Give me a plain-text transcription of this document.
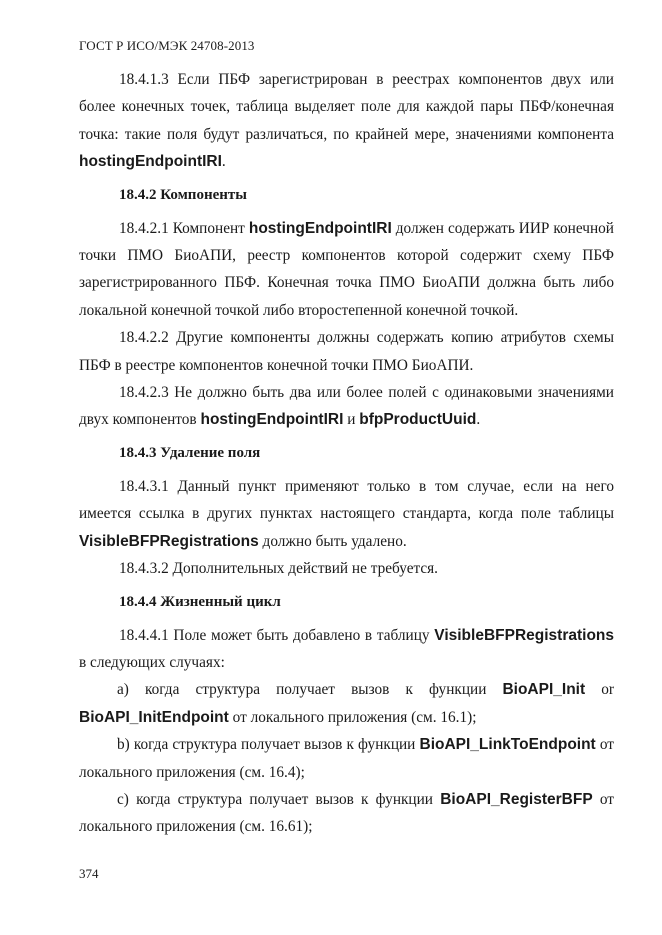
ГОСТ Р ИСО/МЭК 24708-2013

18.4.1.3 Если ПБФ зарегистрирован в реестрах компонентов двух или более конечных точек, таблица выделяет поле для каждой пары ПБФ/конечная точка: такие поля будут различаться, по крайней мере, значениями компонента hostingEndpointIRI.

18.4.2 Компоненты

18.4.2.1 Компонент hostingEndpointIRI должен содержать ИИР конечной точки ПМО БиоАПИ, реестр компонентов которой содержит схему ПБФ зарегистрированного ПБФ. Конечная точка ПМО БиоАПИ должна быть либо локальной конечной точкой либо второстепенной конечной точкой.

18.4.2.2 Другие компоненты должны содержать копию атрибутов схемы ПБФ в реестре компонентов конечной точки ПМО БиоАПИ.

18.4.2.3 Не должно быть два или более полей с одинаковыми значениями двух компонентов hostingEndpointIRI и bfpProductUuid.

18.4.3 Удаление поля

18.4.3.1 Данный пункт применяют только в том случае, если на него имеется ссылка в других пунктах настоящего стандарта, когда поле таблицы VisibleBFPRegistrations должно быть удалено.

18.4.3.2 Дополнительных действий не требуется.

18.4.4 Жизненный цикл

18.4.4.1 Поле может быть добавлено в таблицу VisibleBFPRegistrations в следующих случаях:

а) когда структура получает вызов к функции BioAPI_Init or BioAPI_InitEndpoint от локального приложения (см. 16.1);

b) когда структура получает вызов к функции BioAPI_LinkToEndpoint от локального приложения (см. 16.4);

с) когда структура получает вызов к функции BioAPI_RegisterBFP от локального приложения (см. 16.61);

374
